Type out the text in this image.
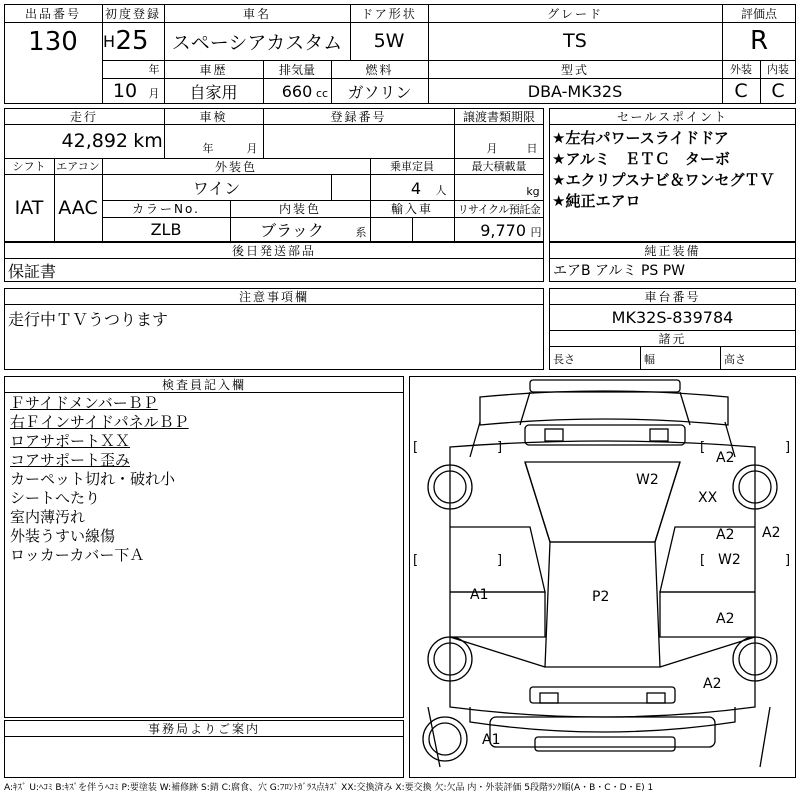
出品番号
130
初度登録
H 25
年
10	月
車名
スペーシアカスタム
ドア形状
5W
グレード
TS
評価点
R
車歴
自家用
排気量
660 cc
燃料
ガソリン
型式
DBA-MK32S
外装
C
内装
C
走行
42,892 km
車検
年	月
登録番号	譲渡書類期限
月	日
シフト
IAT
エアコン
AAC
外装色
ワイン
乗車定員
4	人
最大積載量
kg
カラーNo.
ZLB
内装色
ブラック	系
輸入車	リサイクル預託金
9,770 円
セールスポイント
★左右パワースライドドア
★アルミ　ＥＴＣ　ターボ
★エクリプスナビ＆ワンセグＴＶ
★純正エアロ
後日発送部品
保証書
純正装備
エアB アルミ PS PW
注意事項欄
走行中ＴＶうつります
車台番号
MK32S-839784
諸元
長さ	幅	高さ
検査員記入欄
ＦサイドメンバーＢＰ
右ＦインサイドパネルＢＰ
ロアサポートＸＸ
コアサポート歪み
カーペット切れ・破れ小
シートへたり
室内薄汚れ
外装うすい線傷
ロッカーカバー下Ａ
事務局よりご案内
[	]
[	]
[	]
[	]
W2
A2
XX
A2 A2
W2
A1	P2
A2
A2
A1
A:ｷｽﾞ U:ﾍｺﾐ B:ｷｽﾞを伴うﾍｺﾐ P:要塗装 W:補修跡 S:錆 C:腐食、穴 G:ﾌﾛﾝﾄｶﾞﾗｽ点ｷｽﾞ XX:交換済み X:要交換 欠:欠品 内・外装評価 5段階ﾗﾝｸ順(A・B・C・D・E) 1
